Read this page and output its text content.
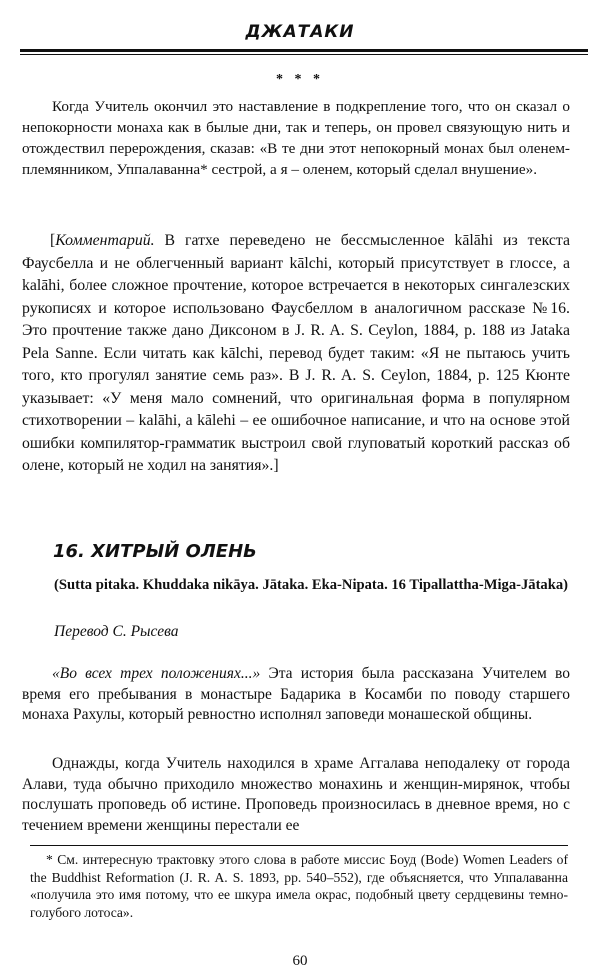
ДЖАТАКИ
* * *
Когда Учитель окончил это наставление в подкрепление того, что он сказал о непокорности монаха как в былые дни, так и теперь, он провел связующую нить и отождествил перерождения, сказав: «В те дни этот непокорный монах был оленем-племянником, Уппалаванна* сестрой, а я – оленем, который сделал внушение».
[Комментарий. В гатхе переведено не бессмысленное kālāhi из текста Фаусбелла и не облегченный вариант kālchi, который присутствует в глоссе, а kalāhi, более сложное прочтение, которое встречается в некоторых сингалезских рукописях и которое использовано Фаусбеллом в аналогичном рассказе №16. Это прочтение также дано Диксоном в J. R. A. S. Ceylon, 1884, p. 188 из Jataka Pela Sanne. Если читать как kālchi, перевод будет таким: «Я не пытаюсь учить того, кто прогулял занятие семь раз». В J. R. A. S. Ceylon, 1884, p. 125 Кюнте указывает: «У меня мало сомнений, что оригинальная форма в популярном стихотворении – kalāhi, a kālehi – ее ошибочное написание, и что на основе этой ошибки компилятор-грамматик выстроил свой глуповатый короткий рассказ об олене, который не ходил на занятия».]
16. ХИТРЫЙ ОЛЕНЬ
(Sutta pitaka. Khuddaka nikāya. Jātaka. Eka-Nipata. 16 Tipallattha-Miga-Jātaka)
Перевод С. Рысева
«Во всех трех положениях...» Эта история была рассказана Учителем во время его пребывания в монастыре Бадарика в Косамби по поводу старшего монаха Рахулы, который ревностно исполнял заповеди монашеской общины.
Однажды, когда Учитель находился в храме Аггалава неподалеку от города Алави, туда обычно приходило множество монахинь и женщин-мирянок, чтобы послушать проповедь об истине. Проповедь произносилась в дневное время, но с течением времени женщины перестали ее
* См. интересную трактовку этого слова в работе миссис Боуд (Bode) Women Leaders of the Buddhist Reformation (J. R. A. S. 1893, pp. 540–552), где объясняется, что Уппалаванна «получила это имя потому, что ее шкура имела окрас, подобный цвету сердцевины темно-голубого лотоса».
60
